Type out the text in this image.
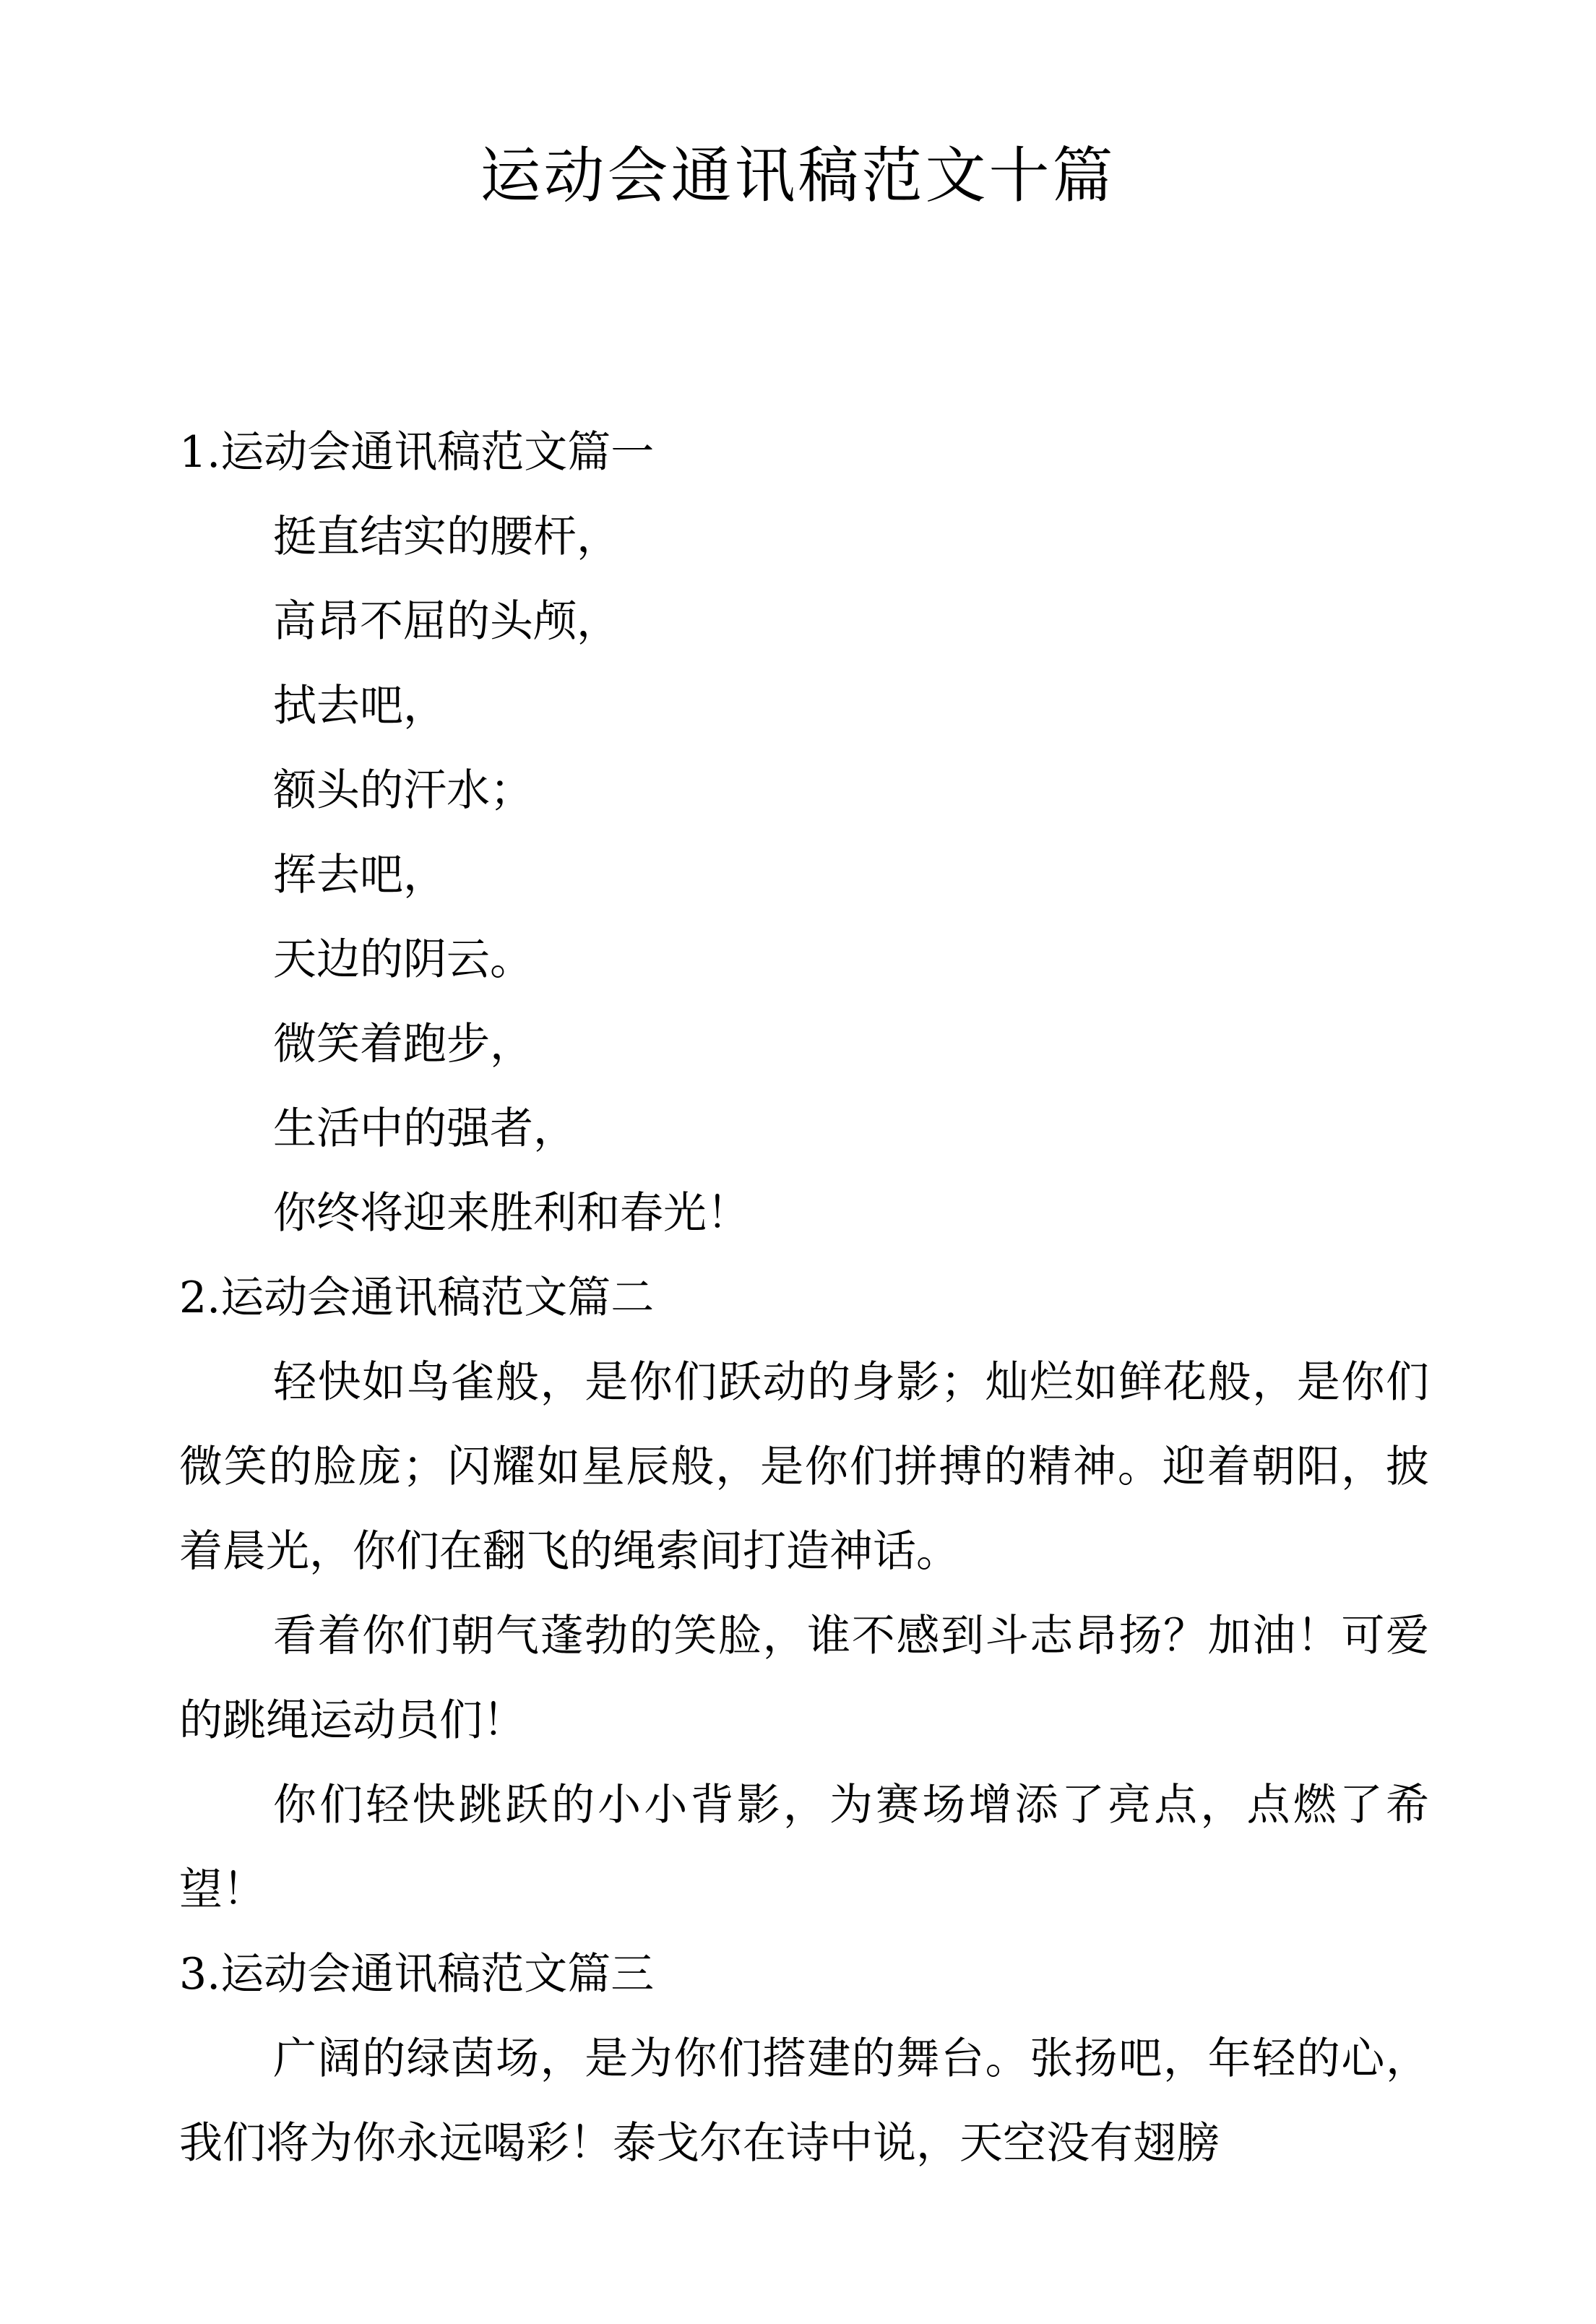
运动会通讯稿范文十篇
1.运动会通讯稿范文篇一

挺直结实的腰杆，

高昂不屈的头颅，

拭去吧，

额头的汗水；

挥去吧，

天边的阴云。

微笑着跑步，

生活中的强者，

你终将迎来胜利和春光！

2.运动会通讯稿范文篇二

轻快如鸟雀般，是你们跃动的身影；灿烂如鲜花般，是你们微笑的脸庞；闪耀如星辰般，是你们拼搏的精神。迎着朝阳，披着晨光，你们在翻飞的绳索间打造神话。

看着你们朝气蓬勃的笑脸，谁不感到斗志昂扬？加油！可爱的跳绳运动员们！

你们轻快跳跃的小小背影，为赛场增添了亮点，点燃了希望！

3.运动会通讯稿范文篇三

广阔的绿茵场，是为你们搭建的舞台。张扬吧，年轻的心，我们将为你永远喝彩！泰戈尔在诗中说，天空没有翅膀
